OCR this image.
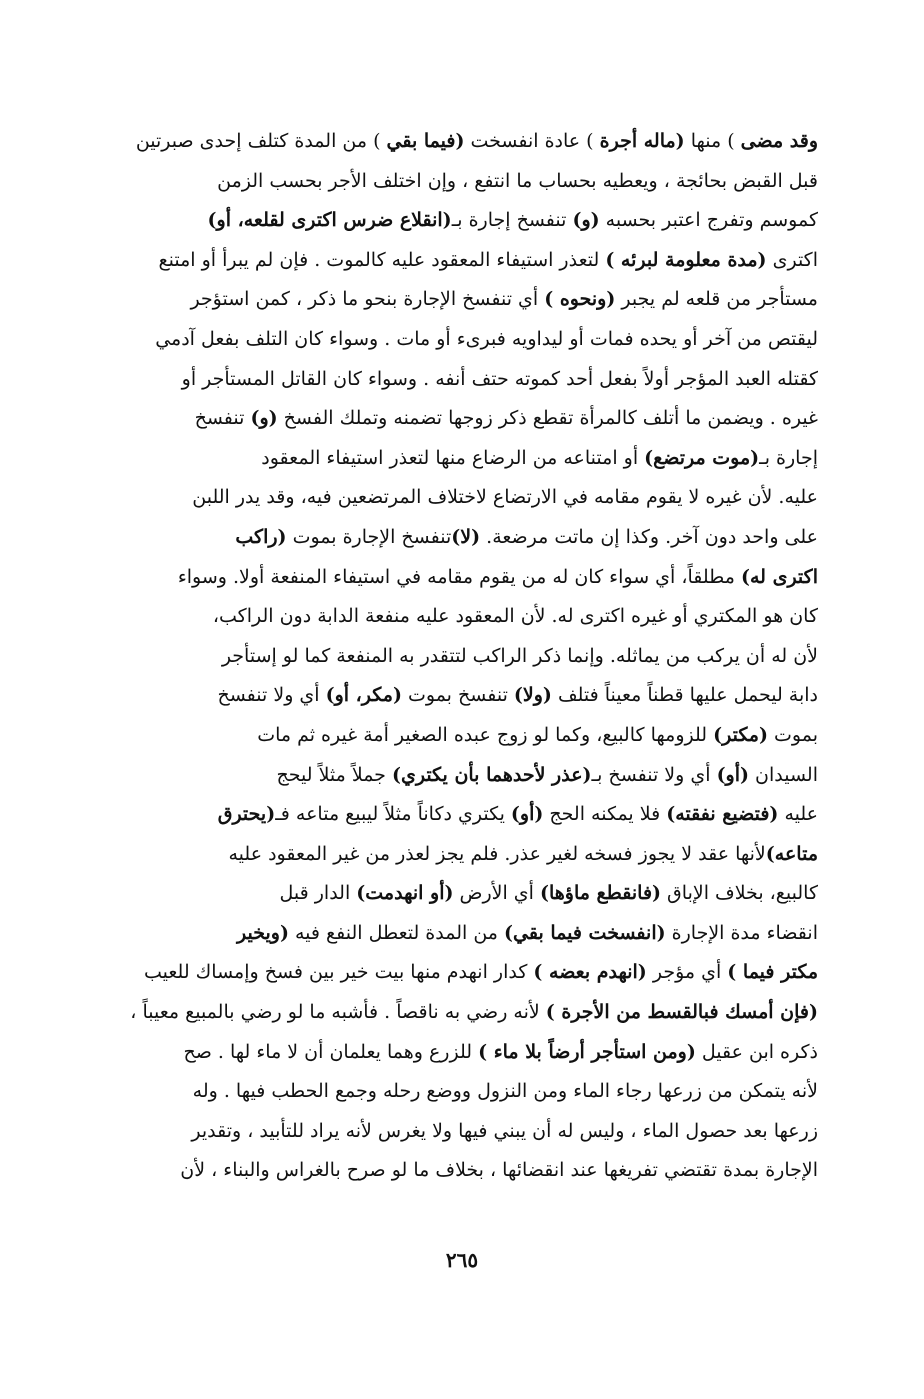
وقد مضى ) منها (ماله أجرة ) عادة انفسخت (فيما بقي ) من المدة كتلف إحدى صبرتين
قبل القبض بحائجة ، ويعطيه بحساب ما انتفع ، وإن اختلف الأجر بحسب الزمن
كموسم وتفرج اعتبر بحسبه (و) تنفسخ إجارة بـ(انقلاع ضرس اكترى لقلعه، أو)
اكترى (مدة معلومة لبرئه ) لتعذر استيفاء المعقود عليه كالموت . فإن لم يبرأ أو امتنع
مستأجر من قلعه لم يجبر (ونحوه ) أي تنفسخ الإجارة بنحو ما ذكر ، كمن استؤجر
ليقتص من آخر أو يحده فمات أو ليداويه فبرىء أو مات . وسواء كان التلف بفعل آدمي
كقتله العبد المؤجر أولاً بفعل أحد كموته حتف أنفه . وسواء كان القاتل المستأجر أو
غيره . ويضمن ما أتلف كالمرأة تقطع ذكر زوجها تضمنه وتملك الفسخ (و) تنفسخ
إجارة بـ(موت مرتضع) أو امتناعه من الرضاع منها لتعذر استيفاء المعقود
عليه. لأن غيره لا يقوم مقامه في الارتضاع لاختلاف المرتضعين فيه، وقد يدر اللبن
على واحد دون آخر. وكذا إن ماتت مرضعة. (لا)تنفسخ الإجارة بموت (راكب
اكترى له) مطلقاً، أي سواء كان له من يقوم مقامه في استيفاء المنفعة أولا. وسواء
كان هو المكتري أو غيره اكترى له. لأن المعقود عليه منفعة الدابة دون الراكب،
لأن له أن يركب من يماثله. وإنما ذكر الراكب لتتقدر به المنفعة كما لو إستأجر
دابة ليحمل عليها قطناً معيناً فتلف (ولا) تنفسخ بموت (مكر، أو) أي ولا تنفسخ
بموت (مكتر) للزومها كالبيع، وكما لو زوج عبده الصغير أمة غيره ثم مات
السيدان (أو) أي ولا تنفسخ بـ(عذر لأحدهما بأن يكتري) جملاً مثلاً ليحج
عليه (فتضيع نفقته) فلا يمكنه الحج (أو) يكتري دكاناً مثلاً ليبيع متاعه فـ(يحترق
متاعه)لأنها عقد لا يجوز فسخه لغير عذر. فلم يجز لعذر من غير المعقود عليه
كالبيع، بخلاف الإباق (فانقطع ماؤها) أي الأرض (أو انهدمت) الدار قبل
انقضاء مدة الإجارة (انفسخت فيما بقي) من المدة لتعطل النفع فيه (ويخير
مكتر فيما ) أي مؤجر (انهدم بعضه ) كدار انهدم منها بيت خير بين فسخ وإمساك للعيب
(فإن أمسك فبالقسط من الأجرة ) لأنه رضي به ناقصاً . فأشبه ما لو رضي بالمبيع معيباً ،
ذكره ابن عقيل (ومن استأجر أرضاً بلا ماء ) للزرع وهما يعلمان أن لا ماء لها . صح
لأنه يتمكن من زرعها رجاء الماء ومن النزول ووضع رحله وجمع الحطب فيها . وله
زرعها بعد حصول الماء ، وليس له أن يبني فيها ولا يغرس لأنه يراد للتأبيد ، وتقدير
الإجارة بمدة تقتضي تفريغها عند انقضائها ، بخلاف ما لو صرح بالغراس والبناء ، لأن
٢٦٥
